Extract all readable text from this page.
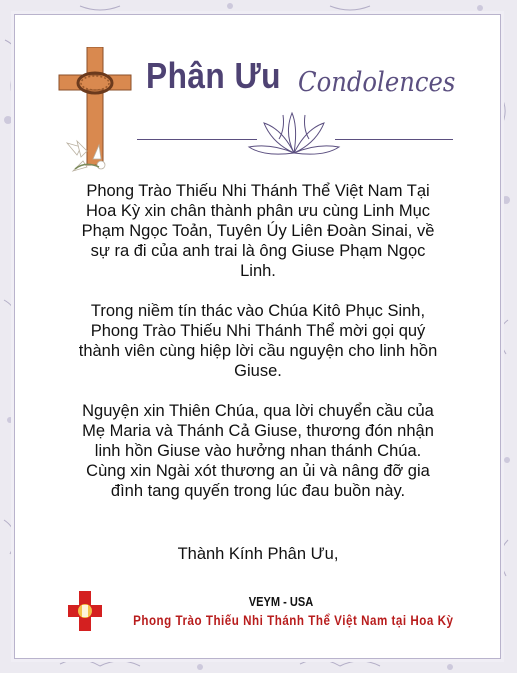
Phân Ưu Condolences

Phong Trào Thiếu Nhi Thánh Thể Việt Nam Tại Hoa Kỳ xin chân thành phân ưu cùng Linh Mục Phạm Ngọc Toản, Tuyên Úy Liên Đoàn Sinai, về sự ra đi của anh trai là ông Giuse Phạm Ngọc Linh.

Trong niềm tín thác vào Chúa Kitô Phục Sinh, Phong Trào Thiếu Nhi Thánh Thể mời gọi quý thành viên cùng hiệp lời cầu nguyện cho linh hồn Giuse.

Nguyện xin Thiên Chúa, qua lời chuyển cầu của Mẹ Maria và Thánh Cả Giuse, thương đón nhận linh hồn Giuse vào hưởng nhan thánh Chúa. Cùng xin Ngài xót thương an ủi và nâng đỡ gia đình tang quyến trong lúc đau buồn này.

Thành Kính Phân Ưu,
VEYM - USA
Phong Trào Thiếu Nhi Thánh Thể Việt Nam tại Hoa Kỳ
